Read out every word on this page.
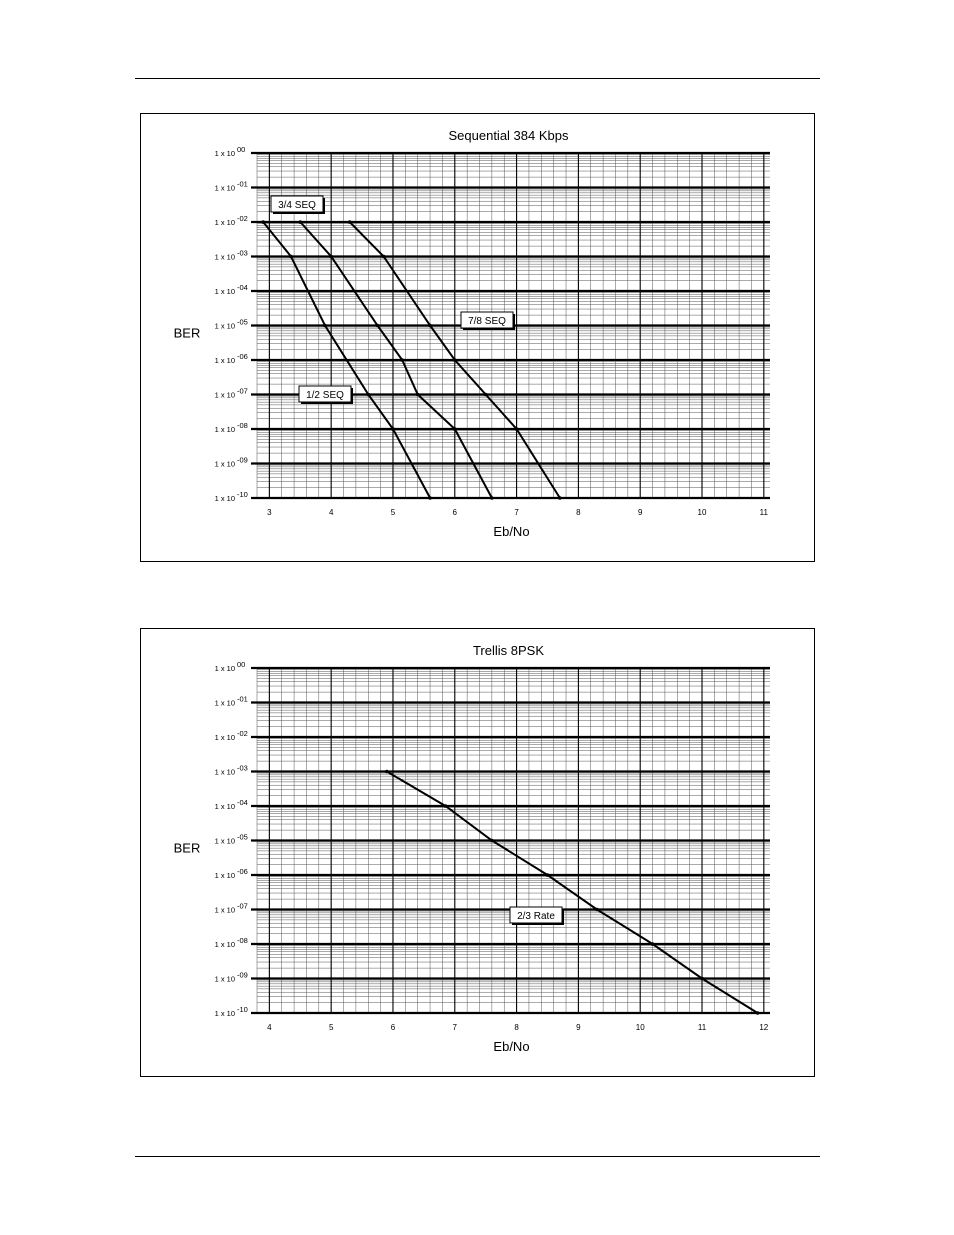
Sequential 384 Kbps
1 x 10 00
1 x 10 -01
1 x 10 -02
1 x 10 -03
1 x 10 -04
1 x 10 -05
1 x 10 -06
1 x 10 -07
1 x 10 -08
1 x 10 -09
1 x 10 -10
3	4	5	6	7	8	9	10	11
Eb/No
BER
3/4 SEQ
7/8 SEQ
1/2 SEQ
Trellis 8PSK
1 x 10 00
1 x 10 -01
1 x 10 -02
1 x 10 -03
1 x 10 -04
1 x 10 -05
1 x 10 -06
1 x 10 -07
1 x 10 -08
1 x 10 -09
1 x 10 -10
4	5	6	7	8	9	10	11	12
Eb/No
BER
2/3 Rate
